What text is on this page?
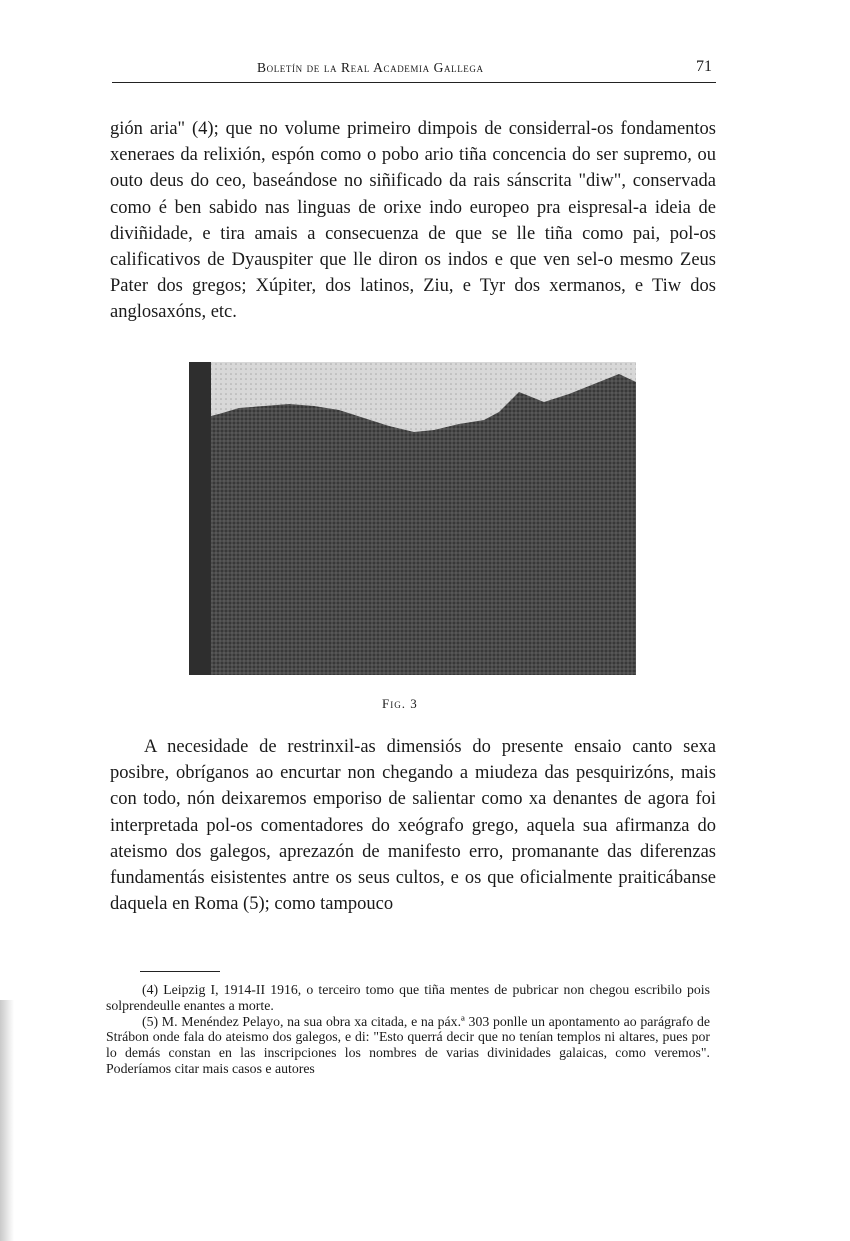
Boletín de la Real Academia Gallega	71

gión aria" (4); que no volume primeiro dimpois de considerral-os fondamentos xeneraes da relixión, espón como o pobo ario tiña concencia do ser supremo, ou outo deus do ceo, baseándose no siñificado da rais sánscrita "diw", conservada como é ben sabido nas linguas de orixe indo europeo pra eispresal-a ideia de diviñidade, e tira amais a consecuenza de que se lle tiña como pai, pol-os calificativos de Dyauspiter que lle diron os indos e que ven sel-o mesmo Zeus Pater dos gregos; Xúpiter, dos latinos, Ziu, e Tyr dos xermanos, e Tiw dos anglosaxóns, etc.

Fig. 3

A necesidade de restrinxil-as dimensiós do presente ensaio canto sexa posibre, obríganos ao encurtar non chegando a miudeza das pesquirizóns, mais con todo, nón deixaremos emporiso de salientar como xa denantes de agora foi interpretada pol-os comentadores do xeógrafo grego, aquela sua afirmanza do ateismo dos galegos, aprezazón de manifesto erro, promanante das diferenzas fundamentás eisistentes antre os seus cultos, e os que oficialmente praiticábanse daquela en Roma (5); como tampouco

(4) Leipzig I, 1914-II 1916, o terceiro tomo que tiña mentes de pubricar non chegou escribilo pois solprendeulle enantes a morte.

(5) M. Menéndez Pelayo, na sua obra xa citada, e na páx.ª 303 ponlle un apontamento ao parágrafo de Strábon onde fala do ateismo dos galegos, e di: "Esto querrá decir que no tenían templos ni altares, pues por lo demás constan en las inscripciones los nombres de varias divinidades galaicas, como veremos". Poderíamos citar mais casos e autores
